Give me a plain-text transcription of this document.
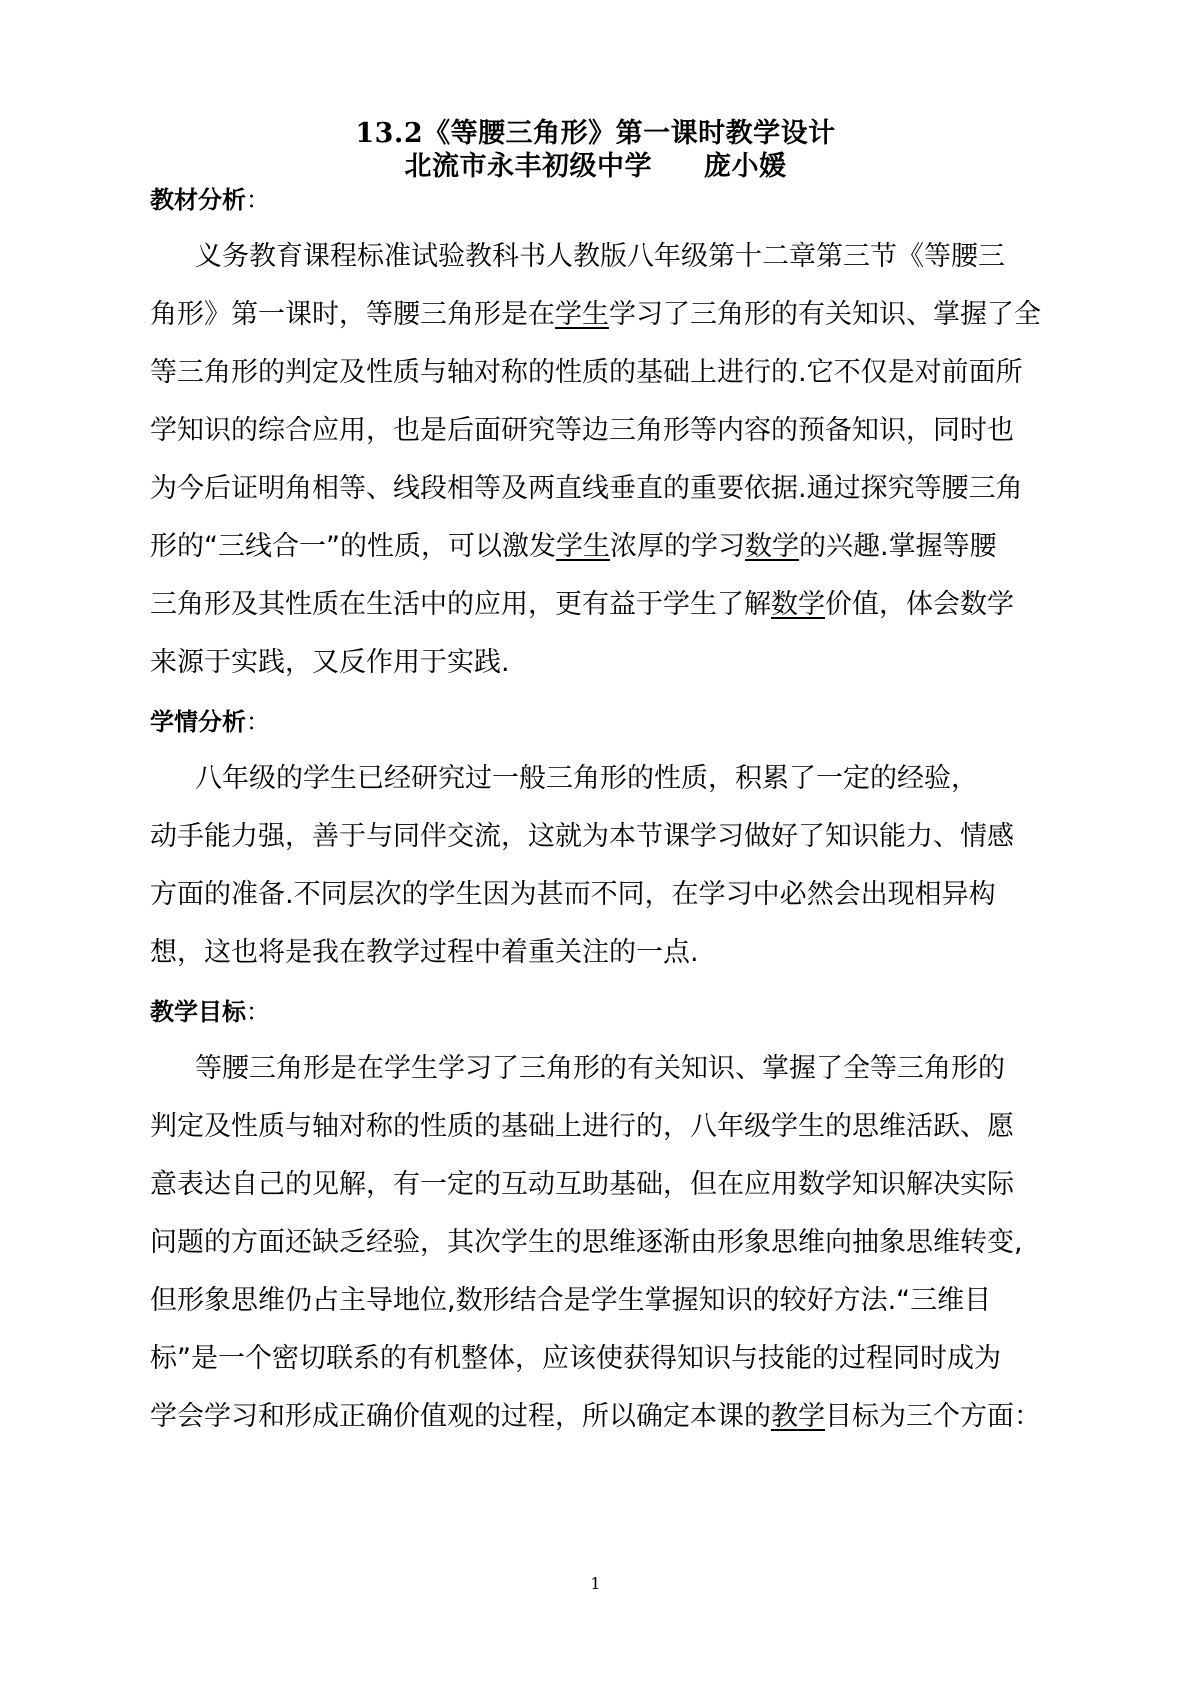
13.2《等腰三角形》第一课时教学设计
北流市永丰初级中学 庞小媛
教材分析：
义务教育课程标准试验教科书人教版八年级第十二章第三节《等腰三
角形》第一课时，等腰三角形是在学生学习了三角形的有关知识、掌握了全
等三角形的判定及性质与轴对称的性质的基础上进行的.它不仅是对前面所
学知识的综合应用，也是后面研究等边三角形等内容的预备知识，同时也
为今后证明角相等、线段相等及两直线垂直的重要依据.通过探究等腰三角
形的“三线合一”的性质，可以激发学生浓厚的学习数学的兴趣.掌握等腰
三角形及其性质在生活中的应用，更有益于学生了解数学价值，体会数学
来源于实践，又反作用于实践.
学情分析：
八年级的学生已经研究过一般三角形的性质，积累了一定的经验，
动手能力强，善于与同伴交流，这就为本节课学习做好了知识能力、情感
方面的准备.不同层次的学生因为甚而不同，在学习中必然会出现相异构
想，这也将是我在教学过程中着重关注的一点.
教学目标：
等腰三角形是在学生学习了三角形的有关知识、掌握了全等三角形的
判定及性质与轴对称的性质的基础上进行的，八年级学生的思维活跃、愿
意表达自己的见解，有一定的互动互助基础，但在应用数学知识解决实际
问题的方面还缺乏经验，其次学生的思维逐渐由形象思维向抽象思维转变,
但形象思维仍占主导地位,数形结合是学生掌握知识的较好方法.“三维目
标”是一个密切联系的有机整体，应该使获得知识与技能的过程同时成为
学会学习和形成正确价值观的过程，所以确定本课的教学目标为三个方面：
1
